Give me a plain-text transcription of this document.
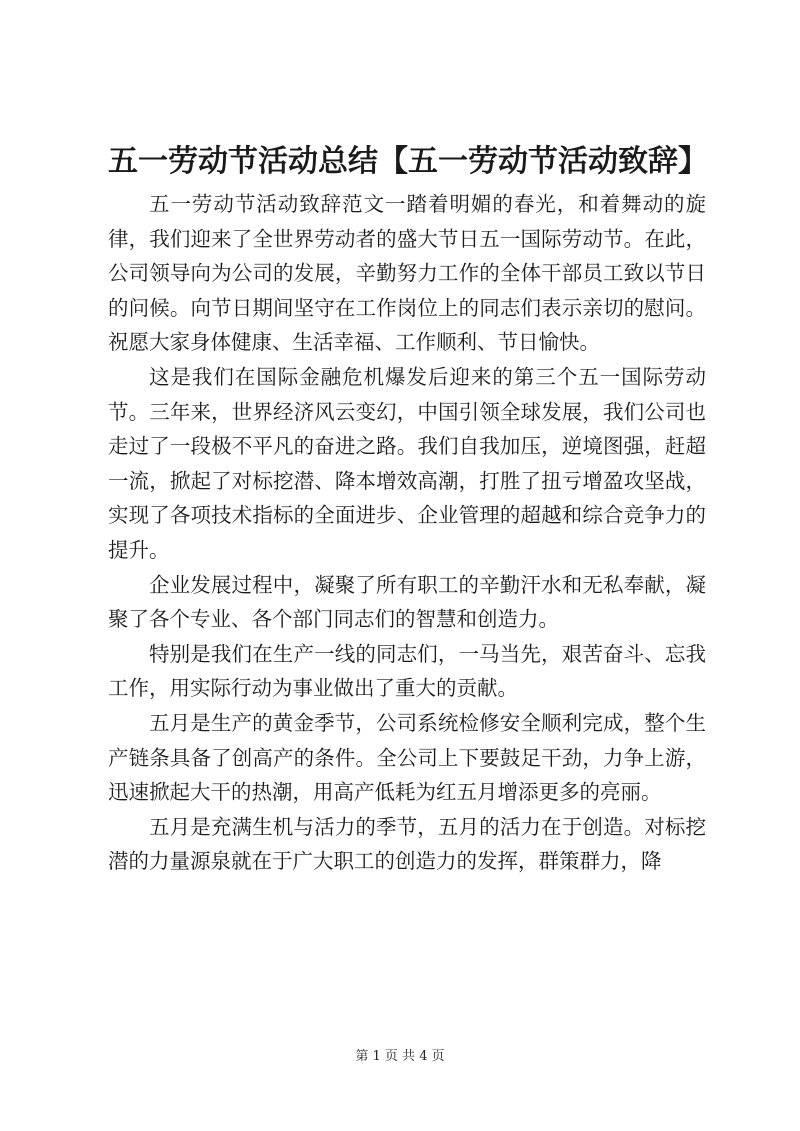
五一劳动节活动总结【五一劳动节活动致辞】

五一劳动节活动致辞范文一踏着明媚的春光，和着舞动的旋律，我们迎来了全世界劳动者的盛大节日五一国际劳动节。在此，公司领导向为公司的发展，辛勤努力工作的全体干部员工致以节日的问候。向节日期间坚守在工作岗位上的同志们表示亲切的慰问。祝愿大家身体健康、生活幸福、工作顺利、节日愉快。

这是我们在国际金融危机爆发后迎来的第三个五一国际劳动节。三年来，世界经济风云变幻，中国引领全球发展，我们公司也走过了一段极不平凡的奋进之路。我们自我加压，逆境图强，赶超一流，掀起了对标挖潜、降本增效高潮，打胜了扭亏增盈攻坚战，实现了各项技术指标的全面进步、企业管理的超越和综合竞争力的提升。

企业发展过程中，凝聚了所有职工的辛勤汗水和无私奉献，凝聚了各个专业、各个部门同志们的智慧和创造力。

特别是我们在生产一线的同志们，一马当先，艰苦奋斗、忘我工作，用实际行动为事业做出了重大的贡献。

五月是生产的黄金季节，公司系统检修安全顺利完成，整个生产链条具备了创高产的条件。全公司上下要鼓足干劲，力争上游，迅速掀起大干的热潮，用高产低耗为红五月增添更多的亮丽。

五月是充满生机与活力的季节，五月的活力在于创造。对标挖潜的力量源泉就在于广大职工的创造力的发挥，群策群力，降

第 1 页 共 4 页
